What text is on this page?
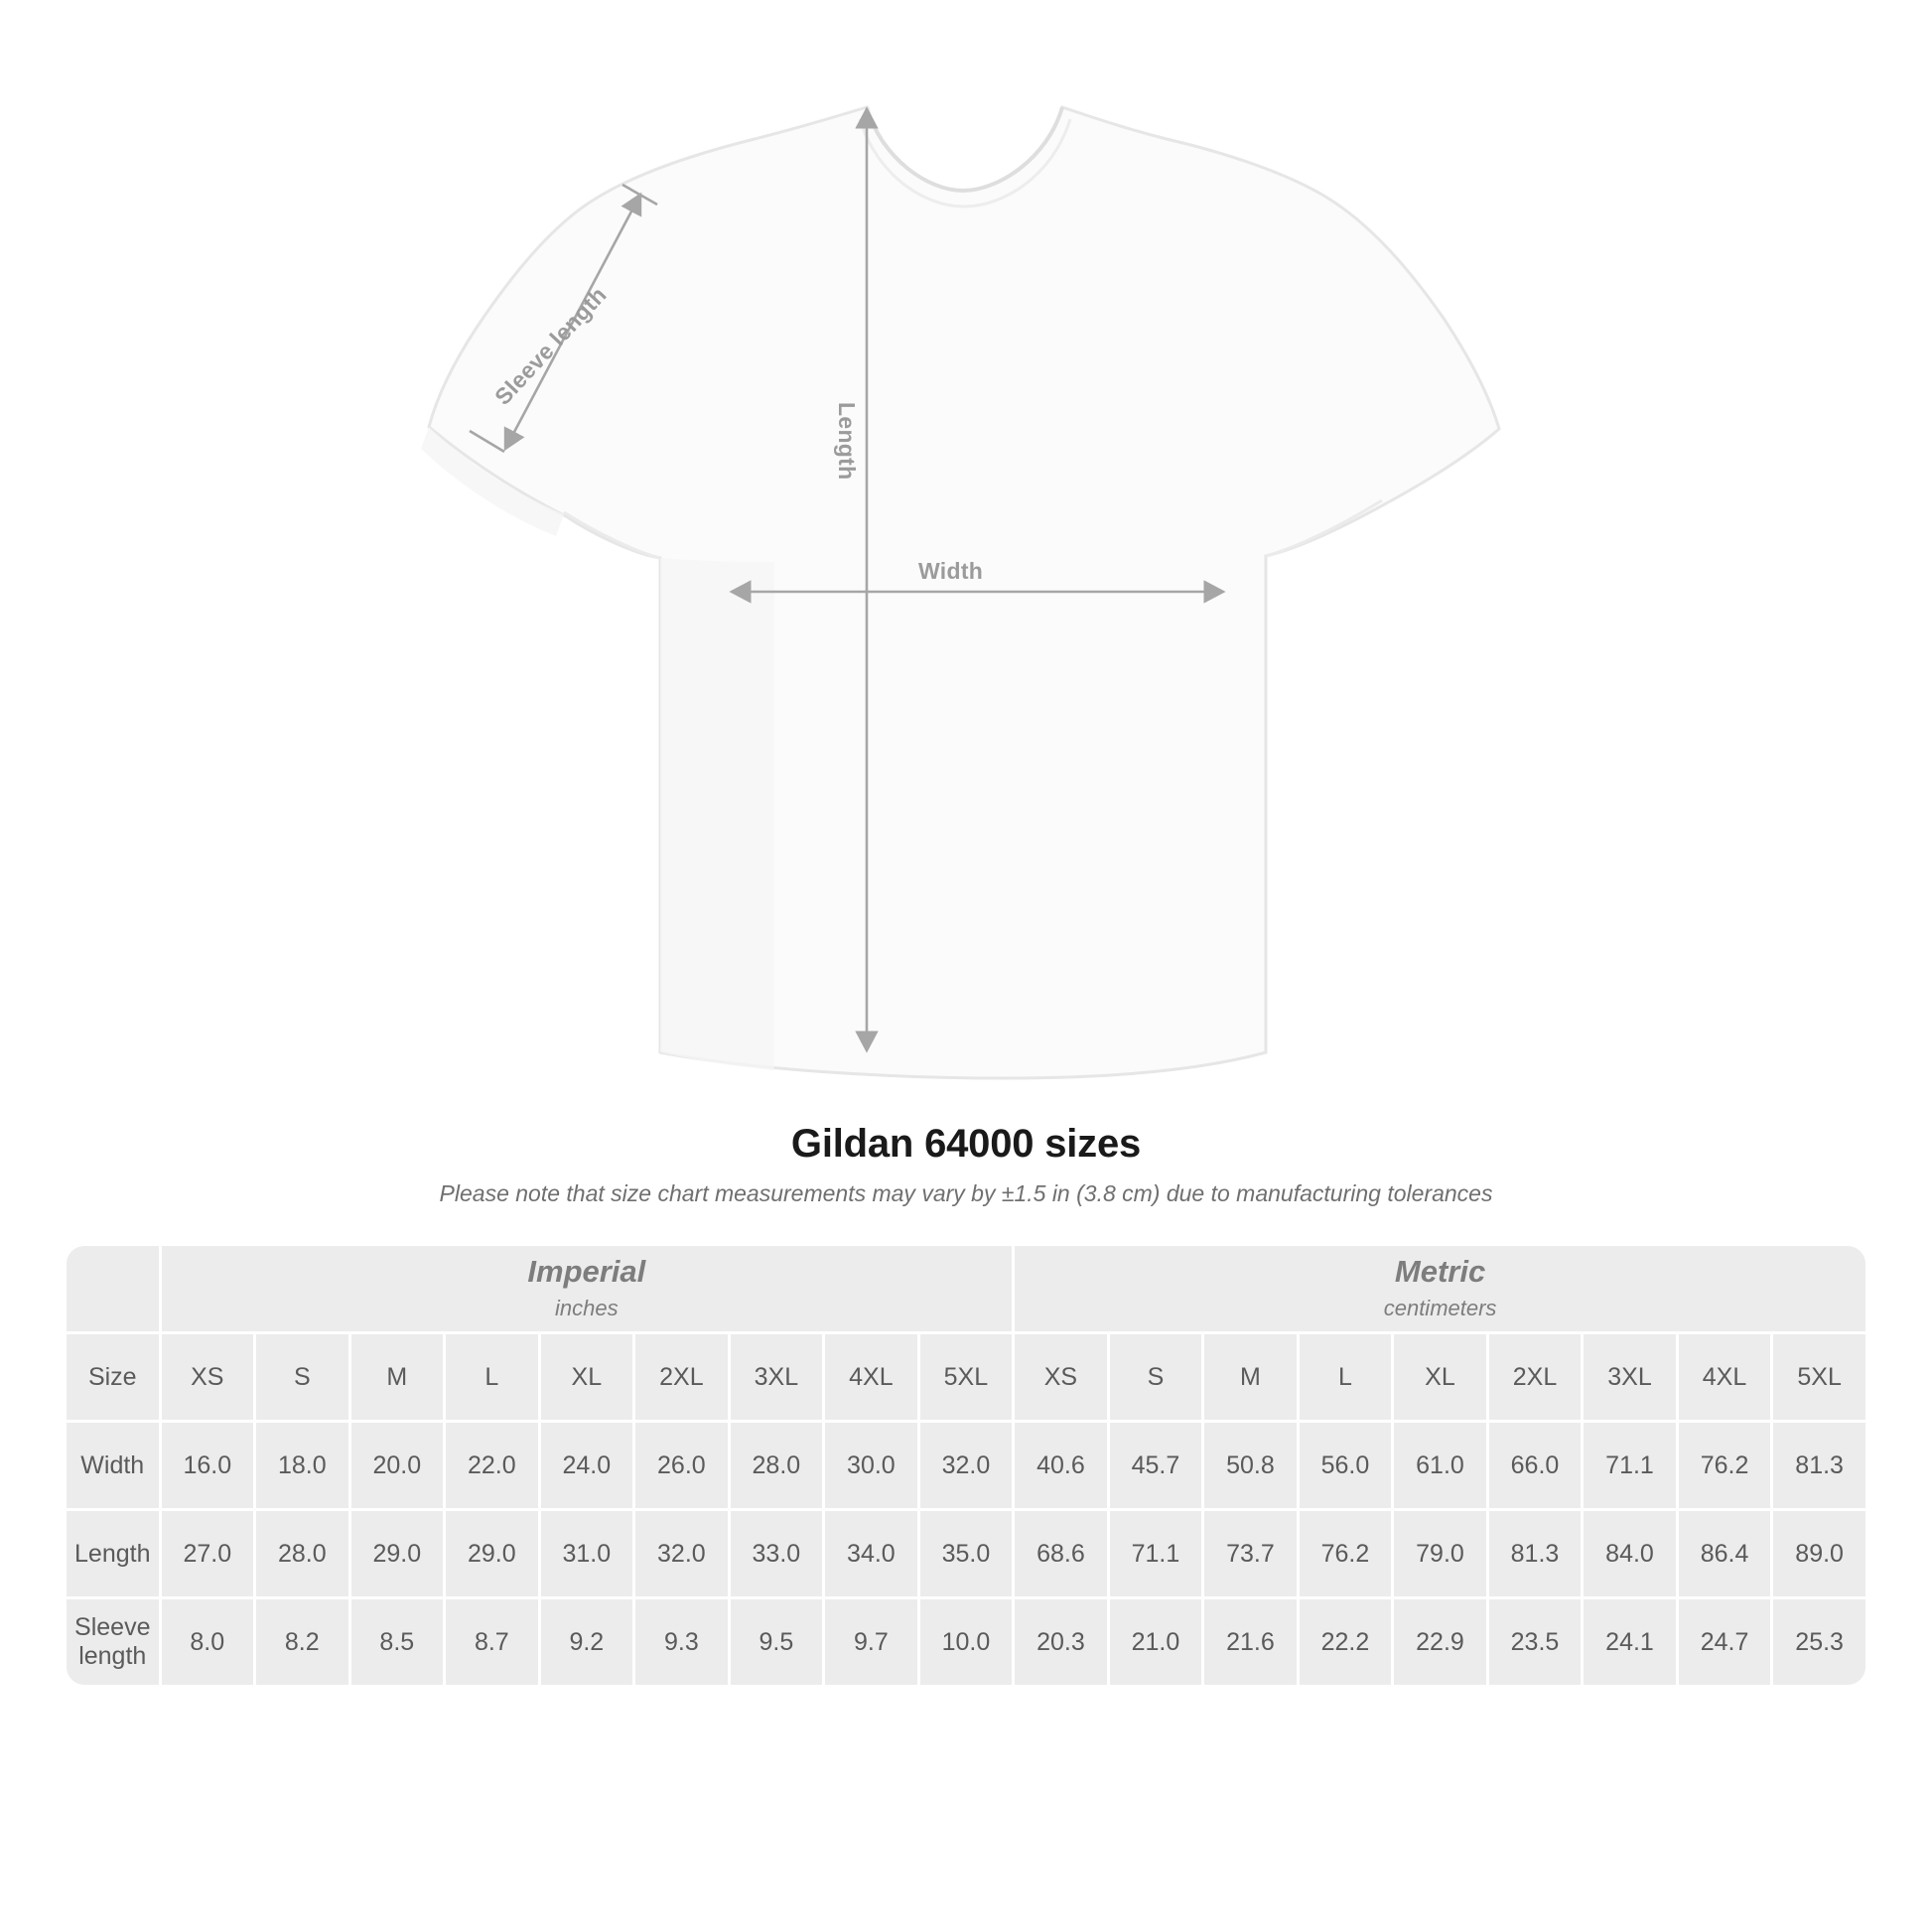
Width
Length
Sleeve length
Gildan 64000 sizes

Please note that size chart measurements may vary by ±1.5 in (3.8 cm) due to manufacturing tolerances

Imperial
inches

Metric
centimeters

Size	XS	S	M	L	XL	2XL	3XL	4XL	5XL	XS	S	M	L	XL	2XL	3XL	4XL	5XL
Width	16.0	18.0	20.0	22.0	24.0	26.0	28.0	30.0	32.0	40.6	45.7	50.8	56.0	61.0	66.0	71.1	76.2	81.3
Length	27.0	28.0	29.0	29.0	31.0	32.0	33.0	34.0	35.0	68.6	71.1	73.7	76.2	79.0	81.3	84.0	86.4	89.0
Sleeve length	8.0	8.2	8.5	8.7	9.2	9.3	9.5	9.7	10.0	20.3	21.0	21.6	22.2	22.9	23.5	24.1	24.7	25.3
